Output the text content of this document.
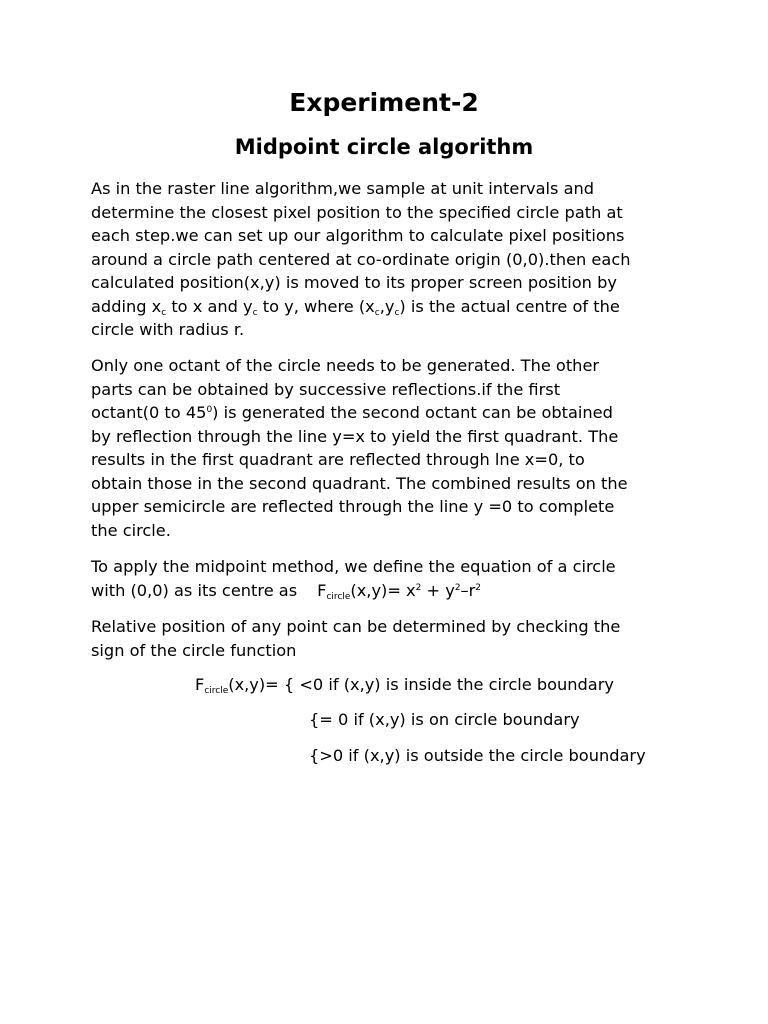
Experiment-2
Midpoint circle algorithm

As in the raster line algorithm,we sample at unit intervals and
determine the closest pixel position to the specified circle path at
each step.we can set up our algorithm to calculate pixel positions
around a circle path centered at co-ordinate origin (0,0).then each
calculated position(x,y) is moved to its proper screen position by
adding $x_c$ to x and $y_c$ to y, where $(x_c,y_c)$ is the actual centre of the
circle with radius r.

Only one octant of the circle needs to be generated. The other
parts can be obtained by successive reflections.if the first
octant(0 to $45^0$) is generated the second octant can be obtained
by reflection through the line y=x to yield the first quadrant. The
results in the first quadrant are reflected through lne x=0, to
obtain those in the second quadrant. The combined results on the
upper semicircle are reflected through the line y =0 to complete
the circle.

To apply the midpoint method, we define the equation of a circle
with (0,0) as its centre as $F_{circle}(x,y)= x^2 + y^2-r^2$

Relative position of any point can be determined by checking the
sign of the circle function

$F_{circle}(x,y)=$ { <0 if (x,y) is inside the circle boundary

{= 0 if (x,y) is on circle boundary

{>0 if (x,y) is outside the circle boundary
